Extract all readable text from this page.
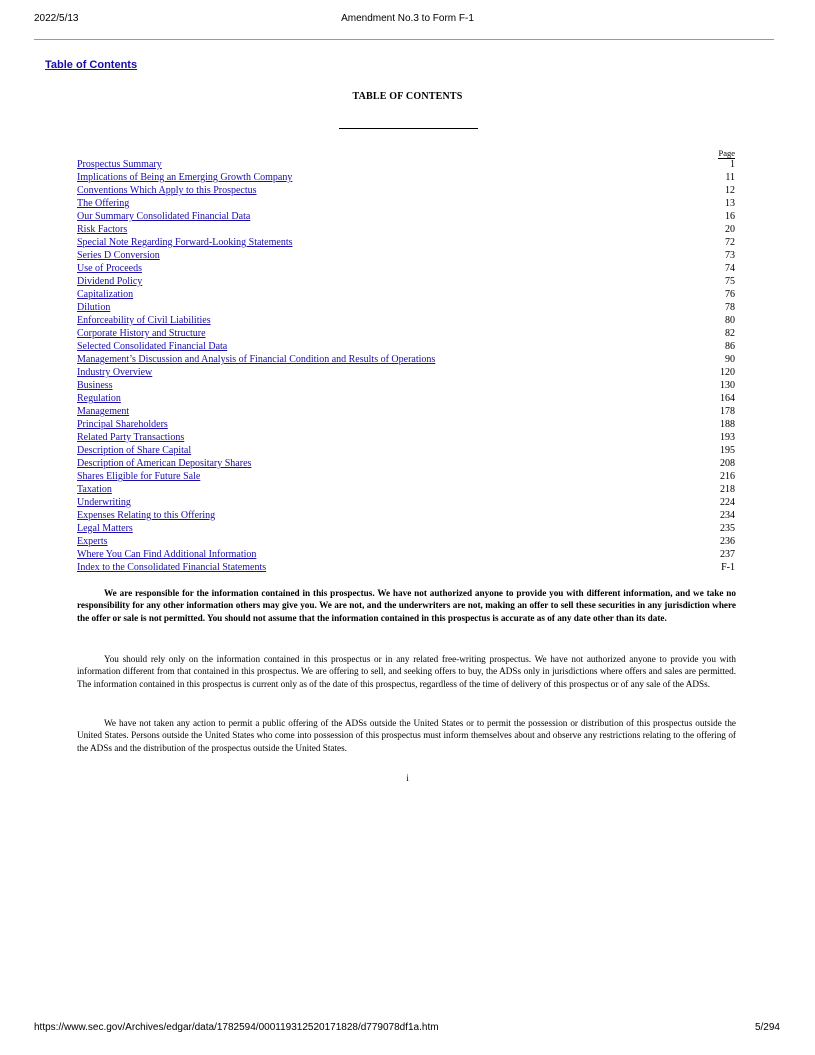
2022/5/13	Amendment No.3 to Form F-1
Table of Contents
TABLE OF CONTENTS
Page
Prospectus Summary	1
Implications of Being an Emerging Growth Company	11
Conventions Which Apply to this Prospectus	12
The Offering	13
Our Summary Consolidated Financial Data	16
Risk Factors	20
Special Note Regarding Forward-Looking Statements	72
Series D Conversion	73
Use of Proceeds	74
Dividend Policy	75
Capitalization	76
Dilution	78
Enforceability of Civil Liabilities	80
Corporate History and Structure	82
Selected Consolidated Financial Data	86
Management’s Discussion and Analysis of Financial Condition and Results of Operations	90
Industry Overview	120
Business	130
Regulation	164
Management	178
Principal Shareholders	188
Related Party Transactions	193
Description of Share Capital	195
Description of American Depositary Shares	208
Shares Eligible for Future Sale	216
Taxation	218
Underwriting	224
Expenses Relating to this Offering	234
Legal Matters	235
Experts	236
Where You Can Find Additional Information	237
Index to the Consolidated Financial Statements	F-1

We are responsible for the information contained in this prospectus. We have not authorized anyone to provide you with different information, and we take no responsibility for any other information others may give you. We are not, and the underwriters are not, making an offer to sell these securities in any jurisdiction where the offer or sale is not permitted. You should not assume that the information contained in this prospectus is accurate as of any date other than its date.

You should rely only on the information contained in this prospectus or in any related free-writing prospectus. We have not authorized anyone to provide you with information different from that contained in this prospectus. We are offering to sell, and seeking offers to buy, the ADSs only in jurisdictions where offers and sales are permitted. The information contained in this prospectus is current only as of the date of this prospectus, regardless of the time of delivery of this prospectus or of any sale of the ADSs.

We have not taken any action to permit a public offering of the ADSs outside the United States or to permit the possession or distribution of this prospectus outside the United States. Persons outside the United States who come into possession of this prospectus must inform themselves about and observe any restrictions relating to the offering of the ADSs and the distribution of the prospectus outside the United States.

i
https://www.sec.gov/Archives/edgar/data/1782594/000119312520171828/d779078df1a.htm	5/294
